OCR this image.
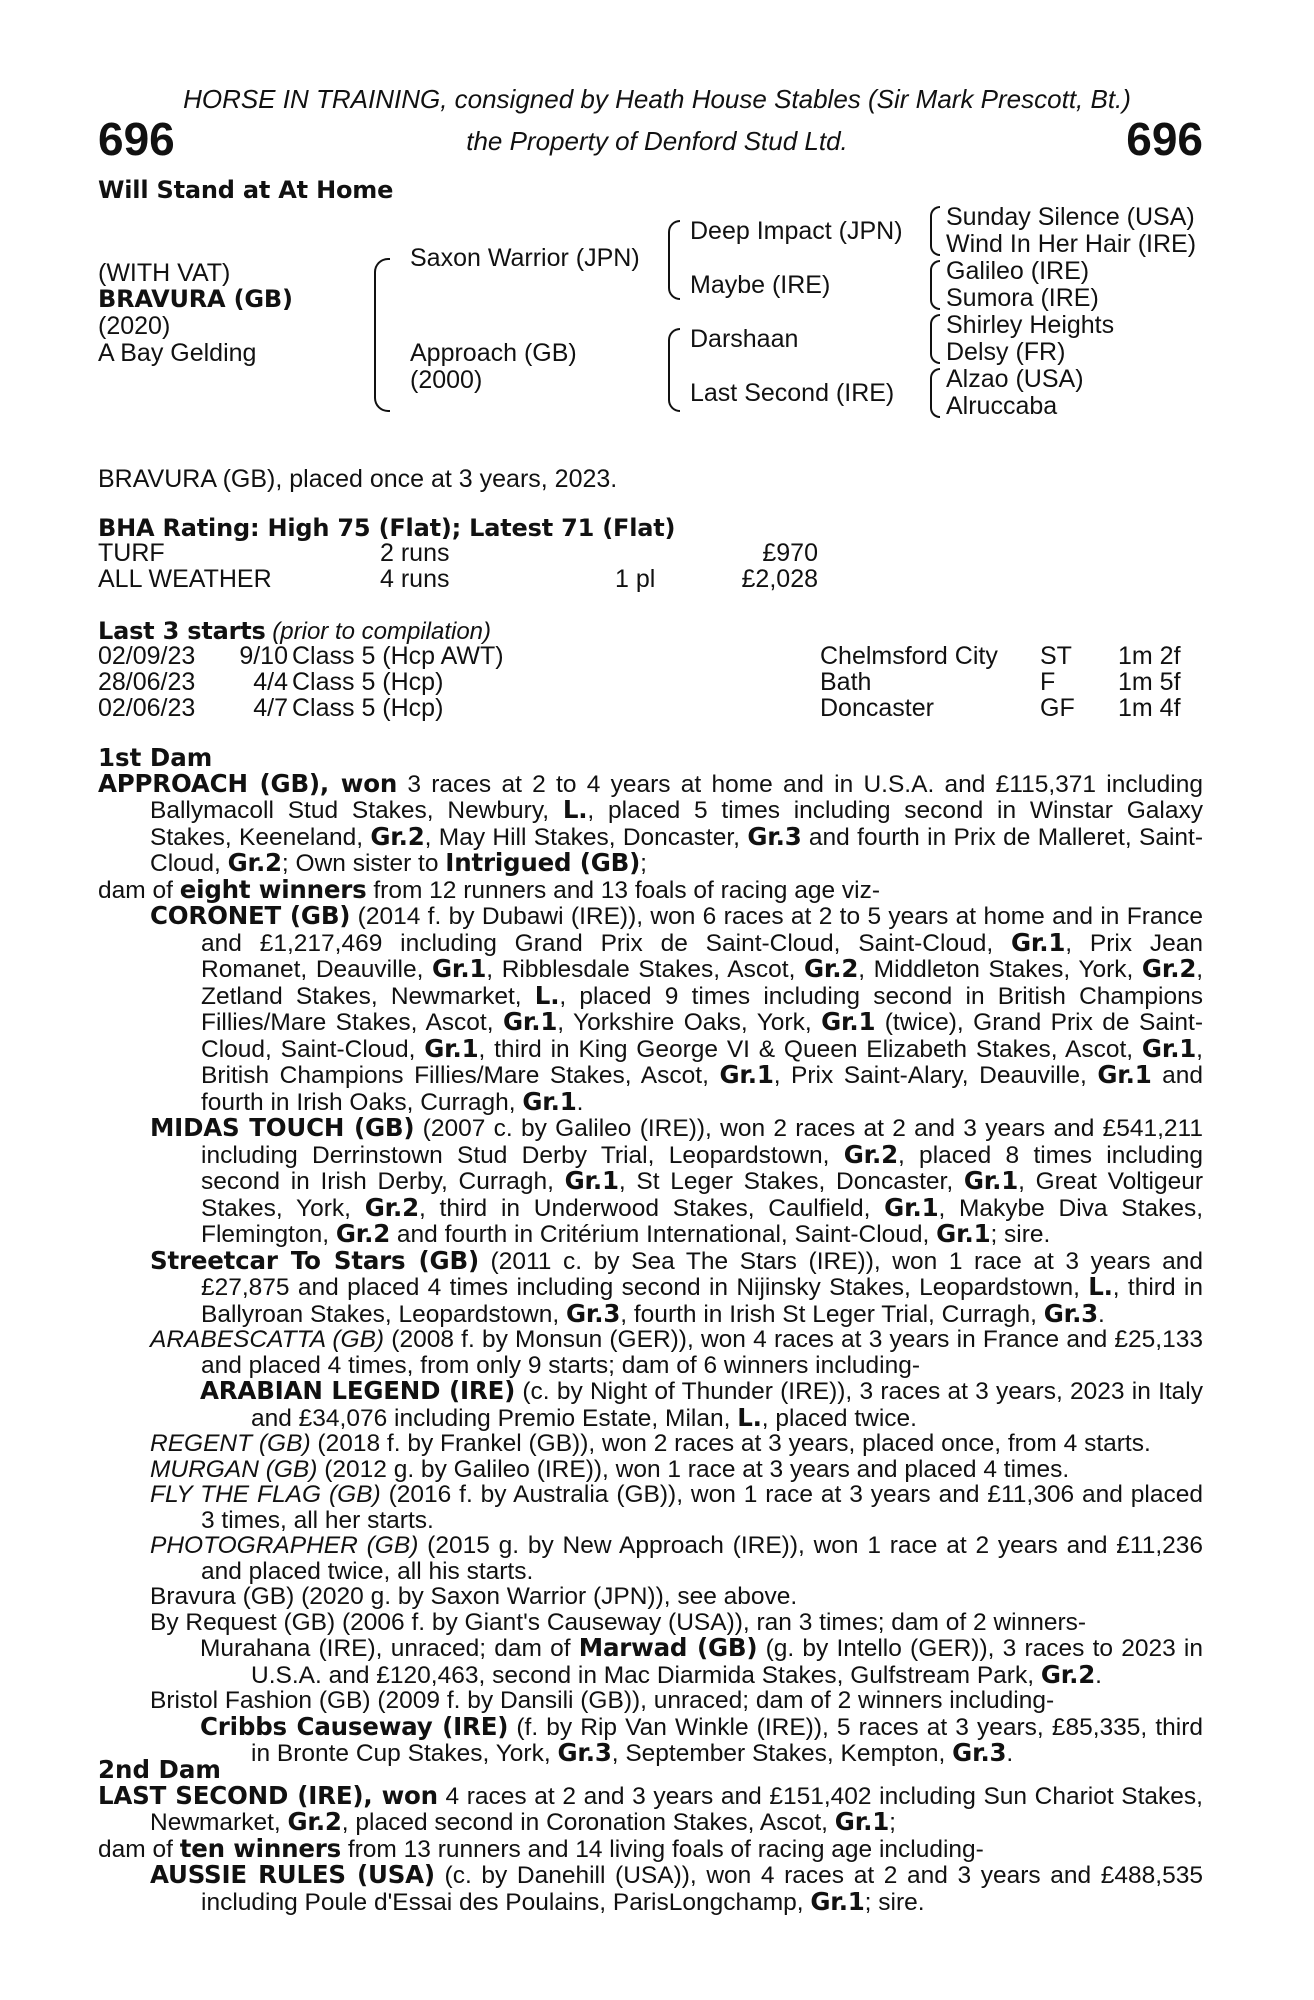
HORSE IN TRAINING, consigned by Heath House Stables (Sir Mark Prescott, Bt.)
696	696
the Property of Denford Stud Ltd.
Will Stand at At Home
(WITH VAT)
BRAVURA (GB)
(2020)
A Bay Gelding
Saxon Warrior (JPN)
Approach (GB)
(2000)
Deep Impact (JPN)
Maybe (IRE)
Darshaan
Last Second (IRE)
Sunday Silence (USA)
Wind In Her Hair (IRE)
Galileo (IRE)
Sumora (IRE)
Shirley Heights
Delsy (FR)
Alzao (USA)
Alruccaba
BRAVURA (GB), placed once at 3 years, 2023.
BHA Rating: High 75 (Flat); Latest 71 (Flat)
TURF	2 runs	£970
ALL WEATHER	4 runs	1 pl	£2,028
Last 3 starts (prior to compilation)
02/09/23	9/10 Class 5 (Hcp AWT)	Chelmsford City ST 1m 2f
28/06/23	4/4 Class 5 (Hcp)	Bath	F	1m 5f
02/06/23	4/7 Class 5 (Hcp)	Doncaster	GF 1m 4f

1st Dam

APPROACH (GB), won 3 races at 2 to 4 years at home and in U.S.A. and £115,371 including Ballymacoll Stud Stakes, Newbury, L., placed 5 times including second in Winstar Galaxy Stakes, Keeneland, Gr.2, May Hill Stakes, Doncaster, Gr.3 and fourth in Prix de Malleret, Saint-Cloud, Gr.2; Own sister to Intrigued (GB);

dam of eight winners from 12 runners and 13 foals of racing age viz-

CORONET (GB) (2014 f. by Dubawi (IRE)), won 6 races at 2 to 5 years at home and in France and £1,217,469 including Grand Prix de Saint-Cloud, Saint-Cloud, Gr.1, Prix Jean Romanet, Deauville, Gr.1, Ribblesdale Stakes, Ascot, Gr.2, Middleton Stakes, York, Gr.2, Zetland Stakes, Newmarket, L., placed 9 times including second in British Champions Fillies/Mare Stakes, Ascot, Gr.1, Yorkshire Oaks, York, Gr.1 (twice), Grand Prix de Saint-Cloud, Saint-Cloud, Gr.1, third in King George VI & Queen Elizabeth Stakes, Ascot, Gr.1, British Champions Fillies/Mare Stakes, Ascot, Gr.1, Prix Saint-Alary, Deauville, Gr.1 and fourth in Irish Oaks, Curragh, Gr.1.

MIDAS TOUCH (GB) (2007 c. by Galileo (IRE)), won 2 races at 2 and 3 years and £541,211 including Derrinstown Stud Derby Trial, Leopardstown, Gr.2, placed 8 times including second in Irish Derby, Curragh, Gr.1, St Leger Stakes, Doncaster, Gr.1, Great Voltigeur Stakes, York, Gr.2, third in Underwood Stakes, Caulfield, Gr.1, Makybe Diva Stakes, Flemington, Gr.2 and fourth in Critérium International, Saint-Cloud, Gr.1; sire.

Streetcar To Stars (GB) (2011 c. by Sea The Stars (IRE)), won 1 race at 3 years and £27,875 and placed 4 times including second in Nijinsky Stakes, Leopardstown, L., third in Ballyroan Stakes, Leopardstown, Gr.3, fourth in Irish St Leger Trial, Curragh, Gr.3.

ARABESCATTA (GB) (2008 f. by Monsun (GER)), won 4 races at 3 years in France and £25,133 and placed 4 times, from only 9 starts; dam of 6 winners including-

ARABIAN LEGEND (IRE) (c. by Night of Thunder (IRE)), 3 races at 3 years, 2023 in Italy and £34,076 including Premio Estate, Milan, L., placed twice.

REGENT (GB) (2018 f. by Frankel (GB)), won 2 races at 3 years, placed once, from 4 starts.

MURGAN (GB) (2012 g. by Galileo (IRE)), won 1 race at 3 years and placed 4 times.

FLY THE FLAG (GB) (2016 f. by Australia (GB)), won 1 race at 3 years and £11,306 and placed 3 times, all her starts.

PHOTOGRAPHER (GB) (2015 g. by New Approach (IRE)), won 1 race at 2 years and £11,236 and placed twice, all his starts.

Bravura (GB) (2020 g. by Saxon Warrior (JPN)), see above.

By Request (GB) (2006 f. by Giant's Causeway (USA)), ran 3 times; dam of 2 winners-

Murahana (IRE), unraced; dam of Marwad (GB) (g. by Intello (GER)), 3 races to 2023 in U.S.A. and £120,463, second in Mac Diarmida Stakes, Gulfstream Park, Gr.2.

Bristol Fashion (GB) (2009 f. by Dansili (GB)), unraced; dam of 2 winners including-

Cribbs Causeway (IRE) (f. by Rip Van Winkle (IRE)), 5 races at 3 years, £85,335, third in Bronte Cup Stakes, York, Gr.3, September Stakes, Kempton, Gr.3.

2nd Dam

LAST SECOND (IRE), won 4 races at 2 and 3 years and £151,402 including Sun Chariot Stakes, Newmarket, Gr.2, placed second in Coronation Stakes, Ascot, Gr.1;

dam of ten winners from 13 runners and 14 living foals of racing age including-

AUSSIE RULES (USA) (c. by Danehill (USA)), won 4 races at 2 and 3 years and £488,535 including Poule d'Essai des Poulains, ParisLongchamp, Gr.1; sire.
